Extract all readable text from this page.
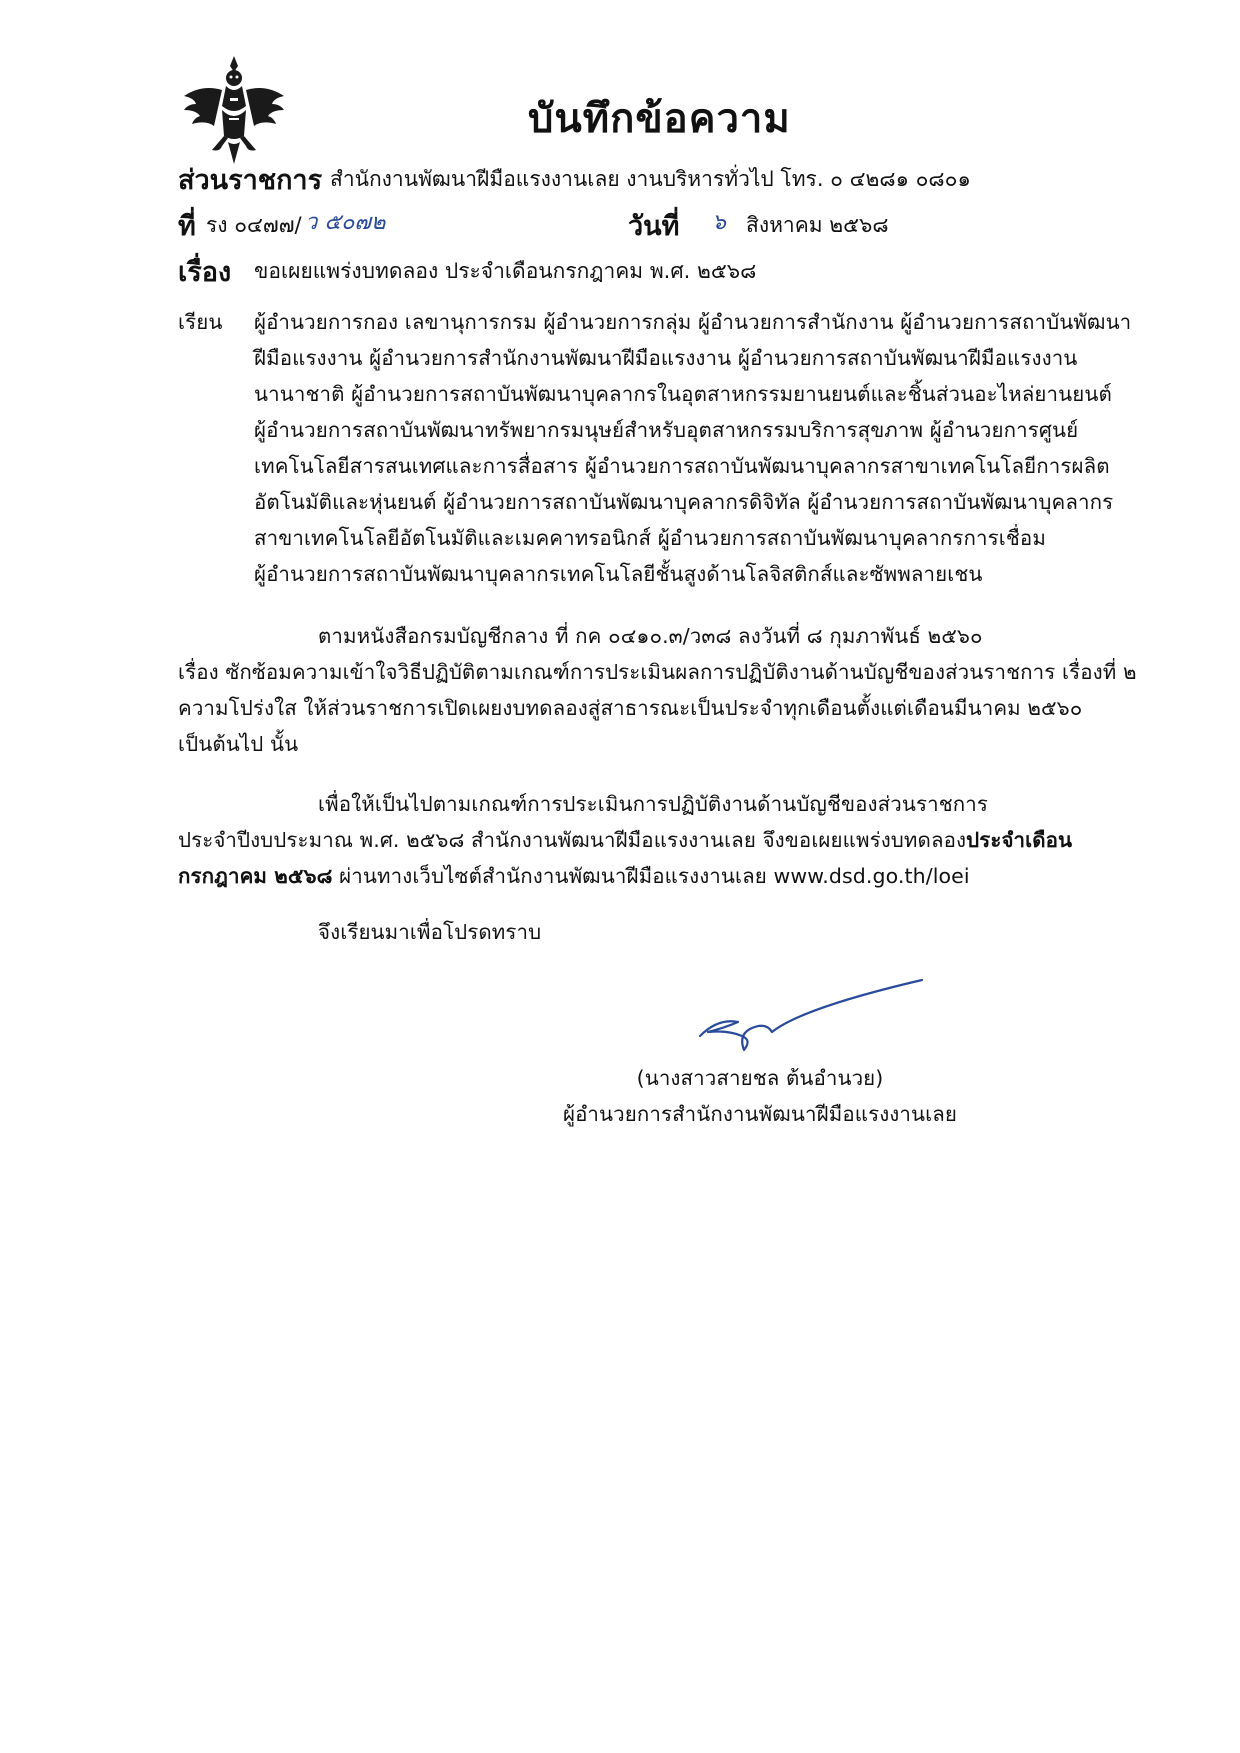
บันทึกข้อความ
ส่วนราชการ สำนักงานพัฒนาฝีมือแรงงานเลย งานบริหารทั่วไป โทร. ๐ ๔๒๘๑ ๐๘๐๑
ที่ รง ๐๔๗๗/ ว ๕๐๗๒	วันที่ ๖ สิงหาคม ๒๕๖๘
เรื่อง ขอเผยแพร่งบทดลอง ประจำเดือนกรกฎาคม พ.ศ. ๒๕๖๘
เรียน ผู้อำนวยการกอง เลขานุการกรม ผู้อำนวยการกลุ่ม ผู้อำนวยการสำนักงาน ผู้อำนวยการสถาบันพัฒนา
ฝีมือแรงงาน ผู้อำนวยการสำนักงานพัฒนาฝีมือแรงงาน ผู้อำนวยการสถาบันพัฒนาฝีมือแรงงาน
นานาชาติ ผู้อำนวยการสถาบันพัฒนาบุคลากรในอุตสาหกรรมยานยนต์และชิ้นส่วนอะไหล่ยานยนต์
ผู้อำนวยการสถาบันพัฒนาทรัพยากรมนุษย์สำหรับอุตสาหกรรมบริการสุขภาพ ผู้อำนวยการศูนย์
เทคโนโลยีสารสนเทศและการสื่อสาร ผู้อำนวยการสถาบันพัฒนาบุคลากรสาขาเทคโนโลยีการผลิต
อัตโนมัติและหุ่นยนต์ ผู้อำนวยการสถาบันพัฒนาบุคลากรดิจิทัล ผู้อำนวยการสถาบันพัฒนาบุคลากร
สาขาเทคโนโลยีอัตโนมัติและเมคคาทรอนิกส์ ผู้อำนวยการสถาบันพัฒนาบุคลากรการเชื่อม
ผู้อำนวยการสถาบันพัฒนาบุคลากรเทคโนโลยีชั้นสูงด้านโลจิสติกส์และซัพพลายเชน
ตามหนังสือกรมบัญชีกลาง ที่ กค ๐๔๑๐.๓/ว๓๘ ลงวันที่ ๘ กุมภาพันธ์ ๒๕๖๐
เรื่อง ซักซ้อมความเข้าใจวิธีปฏิบัติตามเกณฑ์การประเมินผลการปฏิบัติงานด้านบัญชีของส่วนราชการ เรื่องที่ ๒
ความโปร่งใส ให้ส่วนราชการเปิดเผยงบทดลองสู่สาธารณะเป็นประจำทุกเดือนตั้งแต่เดือนมีนาคม ๒๕๖๐
เป็นต้นไป นั้น
เพื่อให้เป็นไปตามเกณฑ์การประเมินการปฏิบัติงานด้านบัญชีของส่วนราชการ
ประจำปีงบประมาณ พ.ศ. ๒๕๖๘ สำนักงานพัฒนาฝีมือแรงงานเลย จึงขอเผยแพร่งบทดลองประจำเดือน
กรกฎาคม ๒๕๖๘ ผ่านทางเว็บไซต์สำนักงานพัฒนาฝีมือแรงงานเลย www.dsd.go.th/loei
จึงเรียนมาเพื่อโปรดทราบ
(นางสาวสายชล ต้นอำนวย)
ผู้อำนวยการสำนักงานพัฒนาฝีมือแรงงานเลย
